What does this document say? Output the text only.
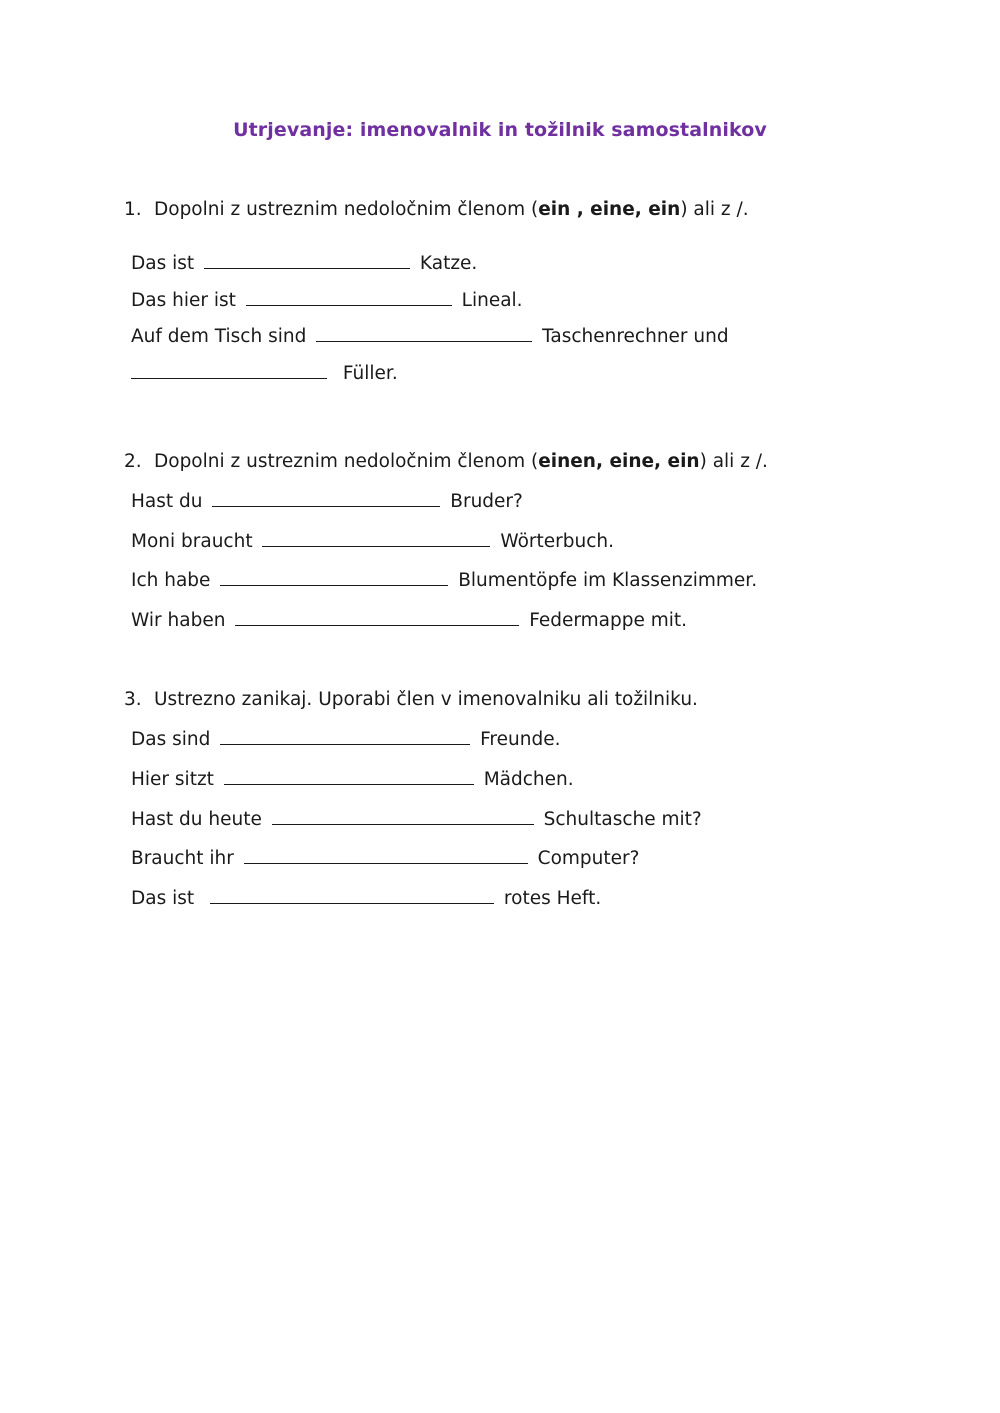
Utrjevanje: imenovalnik in tožilnik samostalnikov
1. Dopolni z ustreznim nedoločnim členom (ein , eine, ein) ali z /.
Das ist	Katze.
Das hier ist	Lineal.
Auf dem Tisch sind	Taschenrechner und
Füller.
2. Dopolni z ustreznim nedoločnim členom (einen, eine, ein) ali z /.
Hast du	Bruder?
Moni braucht	Wörterbuch.
Ich habe	Blumentöpfe im Klassenzimmer.
Wir haben	Federmappe mit.
3. Ustrezno zanikaj. Uporabi člen v imenovalniku ali tožilniku.
Das sind	Freunde.
Hier sitzt	Mädchen.
Hast du heute	Schultasche mit?
Braucht ihr	Computer?
Das ist	rotes Heft.
